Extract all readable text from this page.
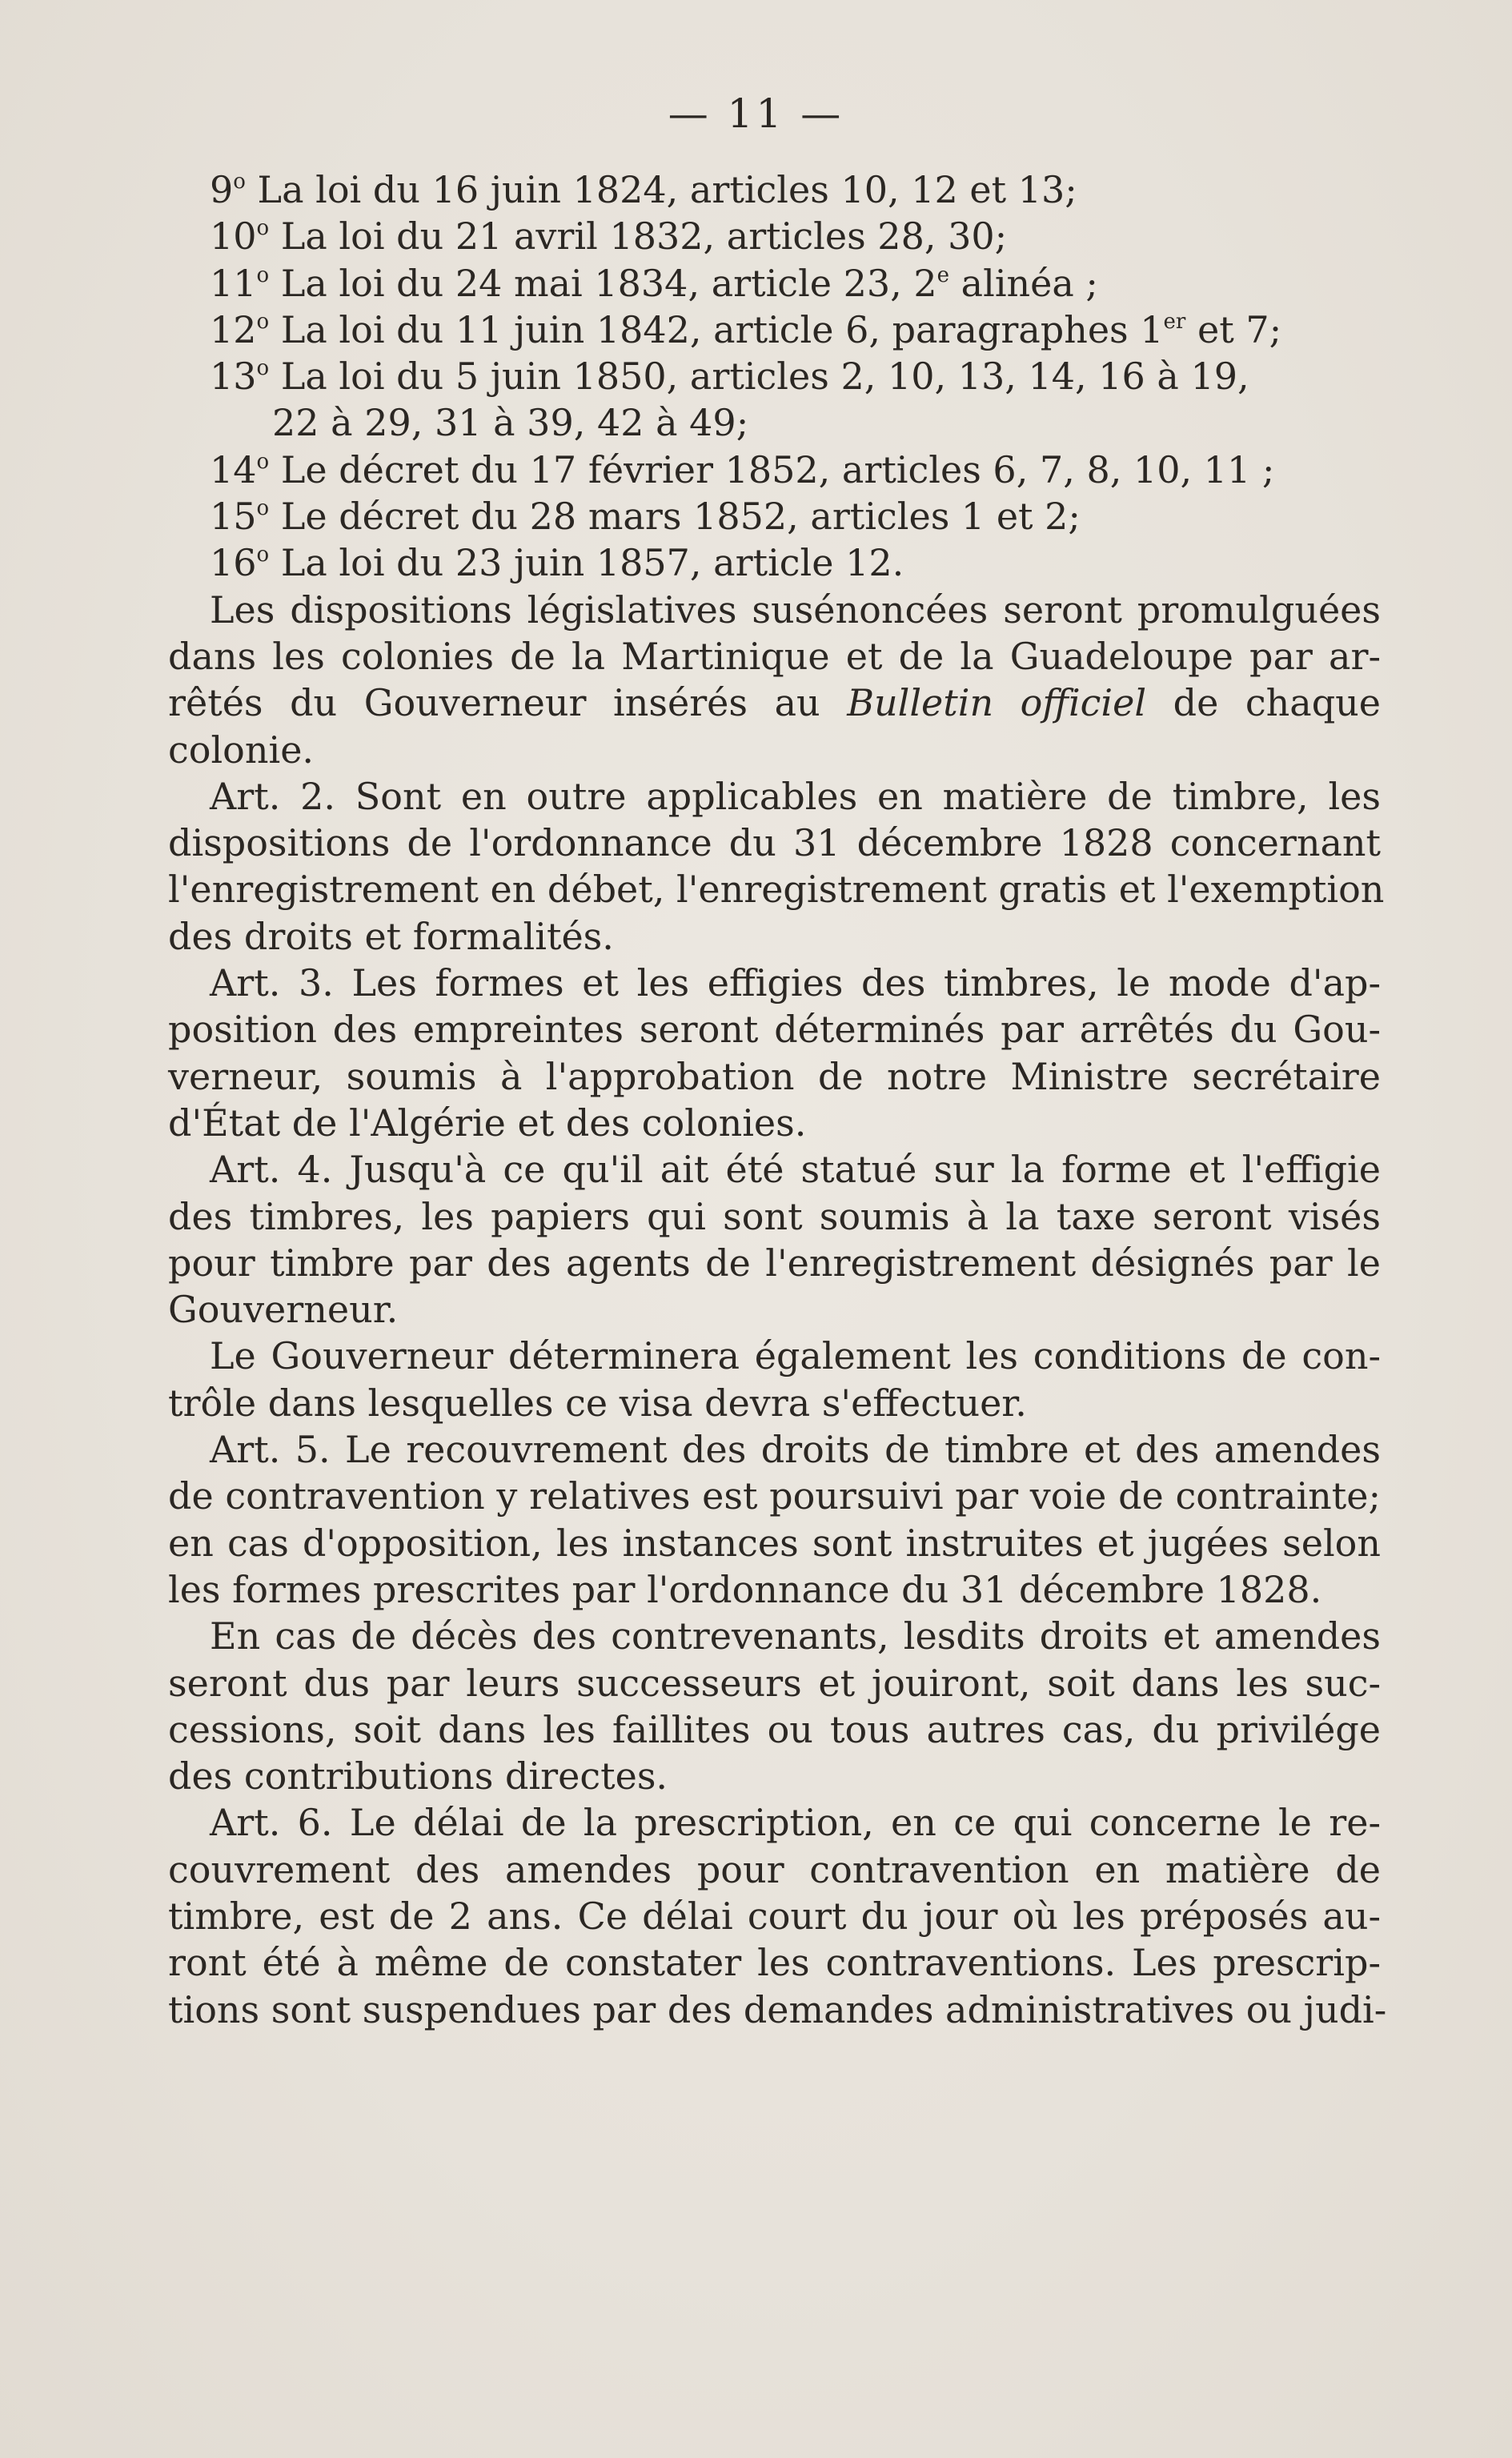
— 11 —
9$^o$ La loi du 16 juin 1824, articles 10, 12 et 13;
10$^o$ La loi du 21 avril 1832, articles 28, 30;
11$^o$ La loi du 24 mai 1834, article 23, 2e alinéa ;
12$^o$ La loi du 11 juin 1842, article 6, paragraphes 1er et 7;
13$^o$ La loi du 5 juin 1850, articles 2, 10, 13, 14, 16 à 19,
22 à 29, 31 à 39, 42 à 49;
14$^o$ Le décret du 17 février 1852, articles 6, 7, 8, 10, 11 ;
15$^o$ Le décret du 28 mars 1852, articles 1 et 2;
16$^o$ La loi du 23 juin 1857, article 12.
Les dispositions législatives susénoncées seront promulguées
dans les colonies de la Martinique et de la Guadeloupe par ar-
rêtés du Gouverneur insérés au Bulletin officiel de chaque
colonie.
Art. 2. Sont en outre applicables en matière de timbre, les
dispositions de l'ordonnance du 31 décembre 1828 concernant
l'enregistrement en débet, l'enregistrement gratis et l'exemption
des droits et formalités.
Art. 3. Les formes et les effigies des timbres, le mode d'ap-
position des empreintes seront déterminés par arrêtés du Gou-
verneur, soumis à l'approbation de notre Ministre secrétaire
d'État de l'Algérie et des colonies.
Art. 4. Jusqu'à ce qu'il ait été statué sur la forme et l'effigie
des timbres, les papiers qui sont soumis à la taxe seront visés
pour timbre par des agents de l'enregistrement désignés par le
Gouverneur.
Le Gouverneur déterminera également les conditions de con-
trôle dans lesquelles ce visa devra s'effectuer.
Art. 5. Le recouvrement des droits de timbre et des amendes
de contravention y relatives est poursuivi par voie de contrainte;
en cas d'opposition, les instances sont instruites et jugées selon
les formes prescrites par l'ordonnance du 31 décembre 1828.
En cas de décès des contrevenants, lesdits droits et amendes
seront dus par leurs successeurs et jouiront, soit dans les suc-
cessions, soit dans les faillites ou tous autres cas, du privilége
des contributions directes.
Art. 6. Le délai de la prescription, en ce qui concerne le re-
couvrement des amendes pour contravention en matière de
timbre, est de 2 ans. Ce délai court du jour où les préposés au-
ront été à même de constater les contraventions. Les prescrip-
tions sont suspendues par des demandes administratives ou judi-
